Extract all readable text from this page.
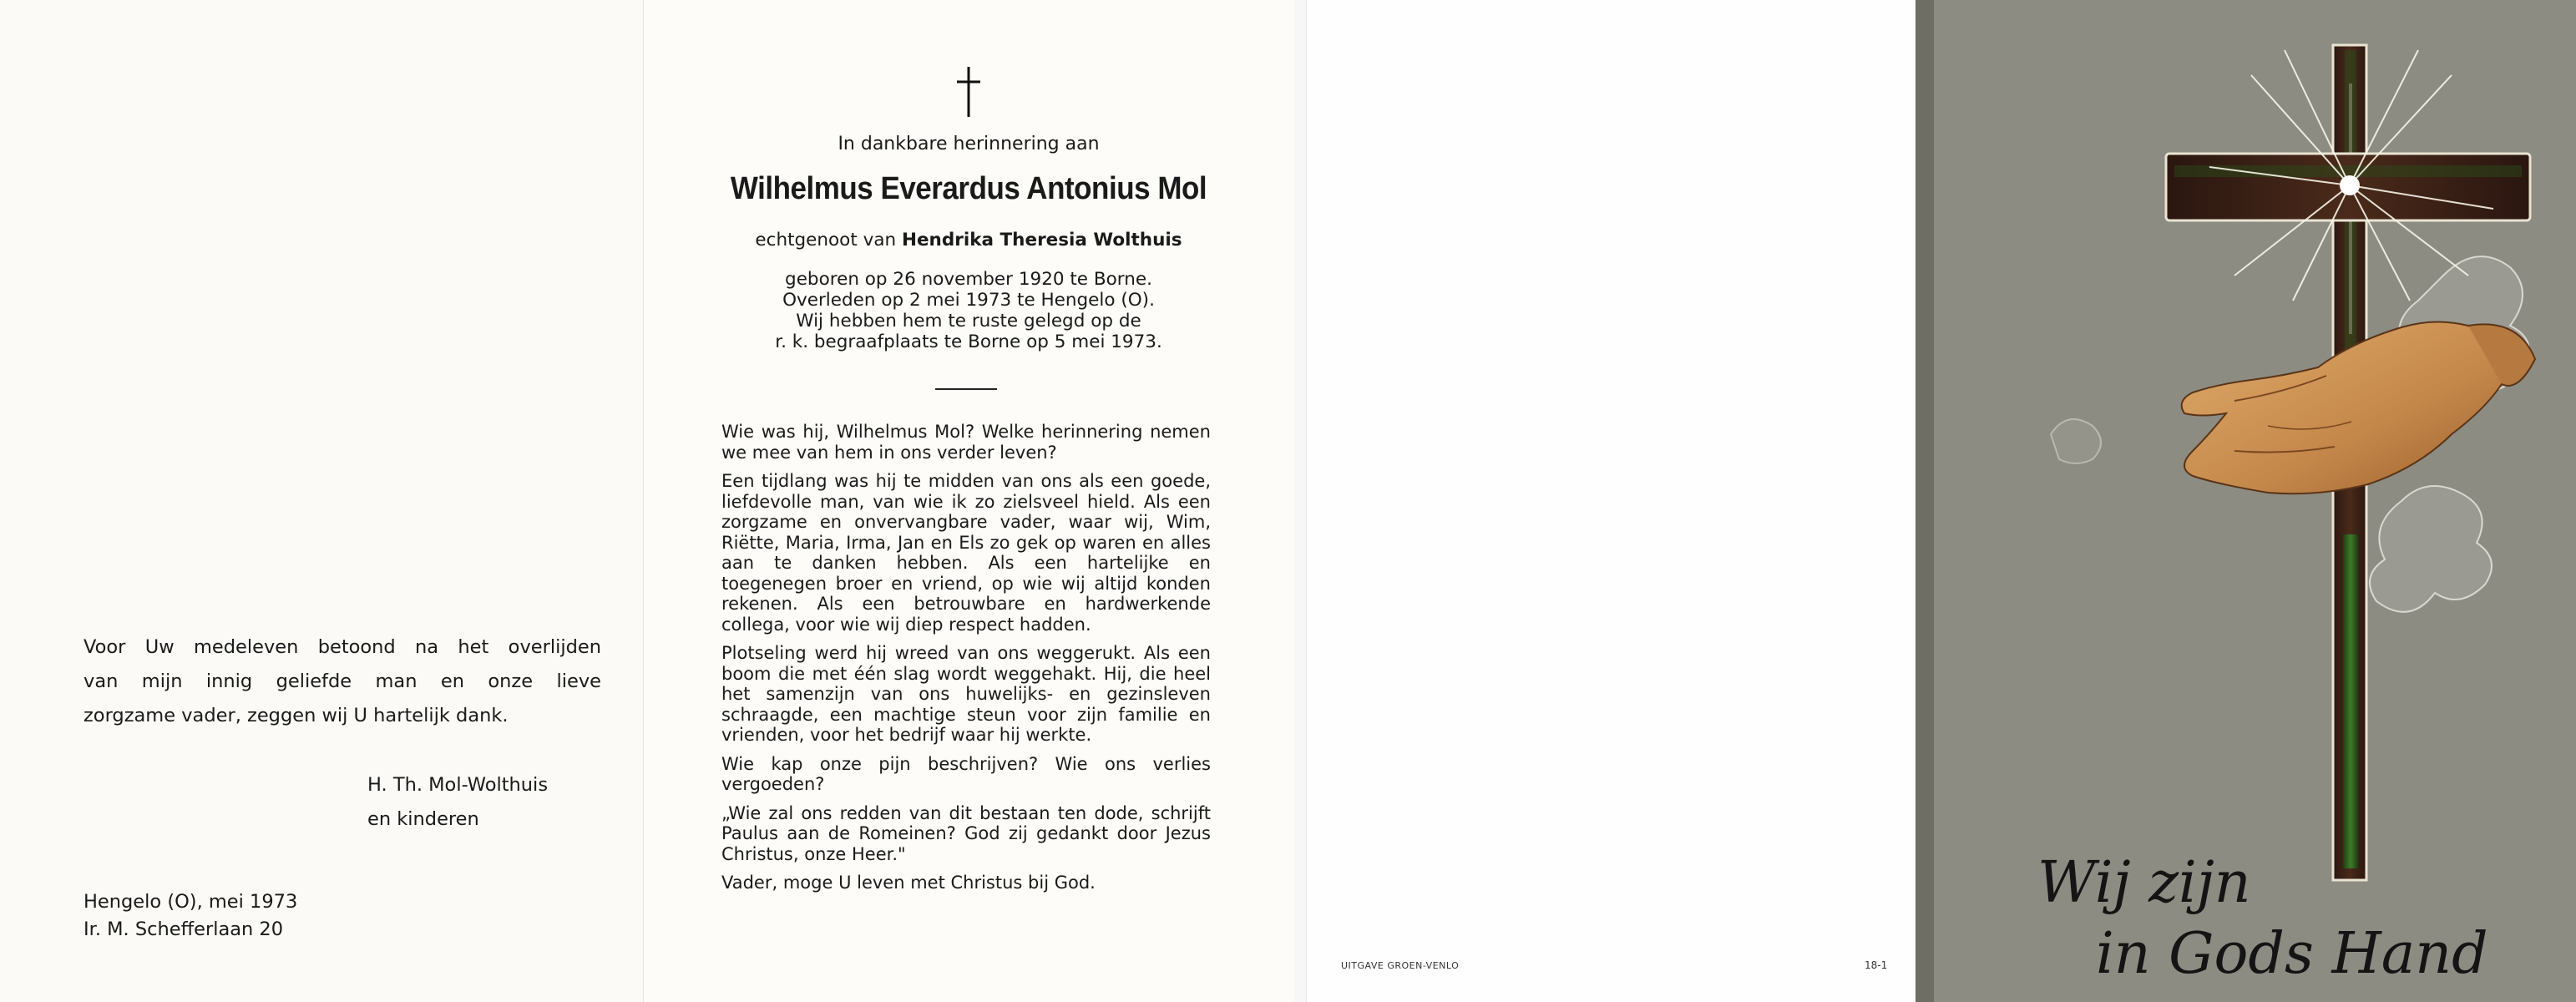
Voor Uw medeleven betoond na het overlijden
van mijn innig geliefde man en onze lieve
zorgzame vader, zeggen wij U hartelijk dank.
H. Th. Mol-Wolthuis
en kinderen
Hengelo (O), mei 1973
Ir. M. Schefferlaan 20
In dankbare herinnering aan
Wilhelmus Everardus Antonius Mol
echtgenoot van Hendrika Theresia Wolthuis
geboren op 26 november 1920 te Borne.
Overleden op 2 mei 1973 te Hengelo (O).
Wij hebben hem te ruste gelegd op de
r. k. begraafplaats te Borne op 5 mei 1973.

Wie was hij, Wilhelmus Mol? Welke herinnering nemen we mee van hem in ons verder leven?

Een tijdlang was hij te midden van ons als een goede, liefdevolle man, van wie ik zo zielsveel hield. Als een zorgzame en onvervangbare vader, waar wij, Wim, Riëtte, Maria, Irma, Jan en Els zo gek op waren en alles aan te danken hebben. Als een hartelijke en toegenegen broer en vriend, op wie wij altijd konden rekenen. Als een betrouwbare en hardwerkende collega, voor wie wij diep respect hadden.

Plotseling werd hij wreed van ons weggerukt. Als een boom die met één slag wordt weggehakt. Hij, die heel het samenzijn van ons huwelijks- en gezinsleven schraagde, een machtige steun voor zijn familie en vrienden, voor het bedrijf waar hij werkte.

Wie kap onze pijn beschrijven? Wie ons verlies vergoeden?

„Wie zal ons redden van dit bestaan ten dode, schrijft Paulus aan de Romeinen? God zij gedankt door Jezus Christus, onze Heer."

Vader, moge U leven met Christus bij God.

UITGAVE GROEN-VENLO	18-1
Wij zijn
in Gods Hand
